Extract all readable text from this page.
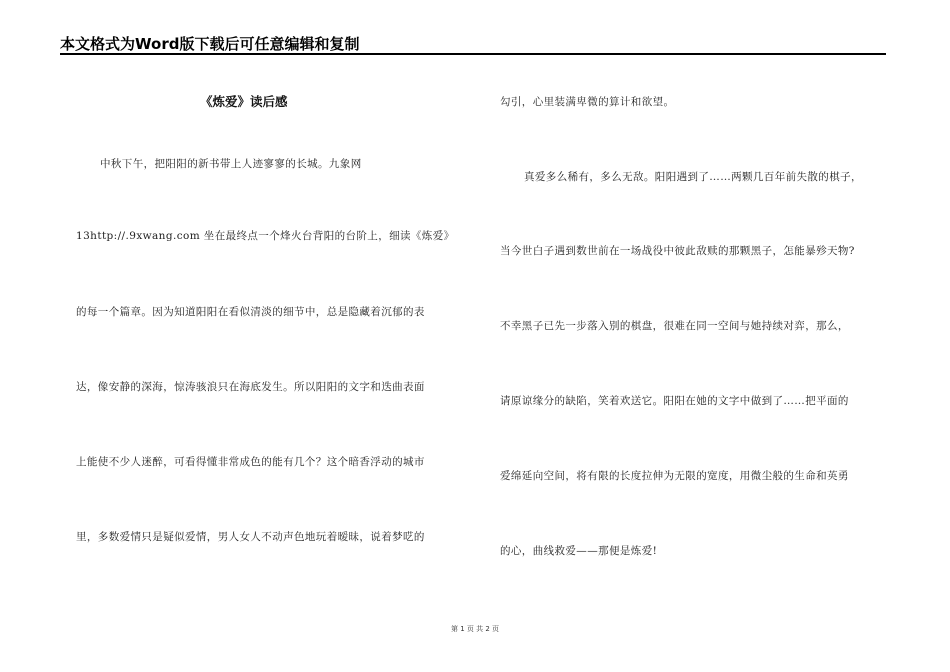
本文格式为Word版下载后可任意编辑和复制
《炼爱》读后感
中秋下午，把阳阳的新书带上人迹寥寥的长城。九象网
13http://.9xwang.com 坐在最终点一个烽火台背阳的台阶上，细读《炼爱》
的每一个篇章。因为知道阳阳在看似清淡的细节中，总是隐藏着沉郁的表
达，像安静的深海，惊涛骇浪只在海底发生。所以阳阳的文字和迭曲表面
上能使不少人迷醉，可看得懂非常成色的能有几个？这个暗香浮动的城市
里，多数爱情只是疑似爱情，男人女人不动声色地玩着暧昧，说着梦呓的
勾引，心里装满卑微的算计和欲望。
真爱多么稀有，多么无敌。阳阳遇到了……两颗几百年前失散的棋子，
当今世白子遇到数世前在一场战役中彼此敌赎的那颗黑子，怎能暴殄天物?
不幸黑子已先一步落入别的棋盘，很难在同一空间与她持续对弈，那么，
请原谅缘分的缺陷，笑着欢送它。阳阳在她的文字中做到了……把平面的
爱绵延向空间，将有限的长度拉伸为无限的宽度，用微尘般的生命和英勇
的心，曲线救爱——那便是炼爱!
第 1 页 共 2 页
